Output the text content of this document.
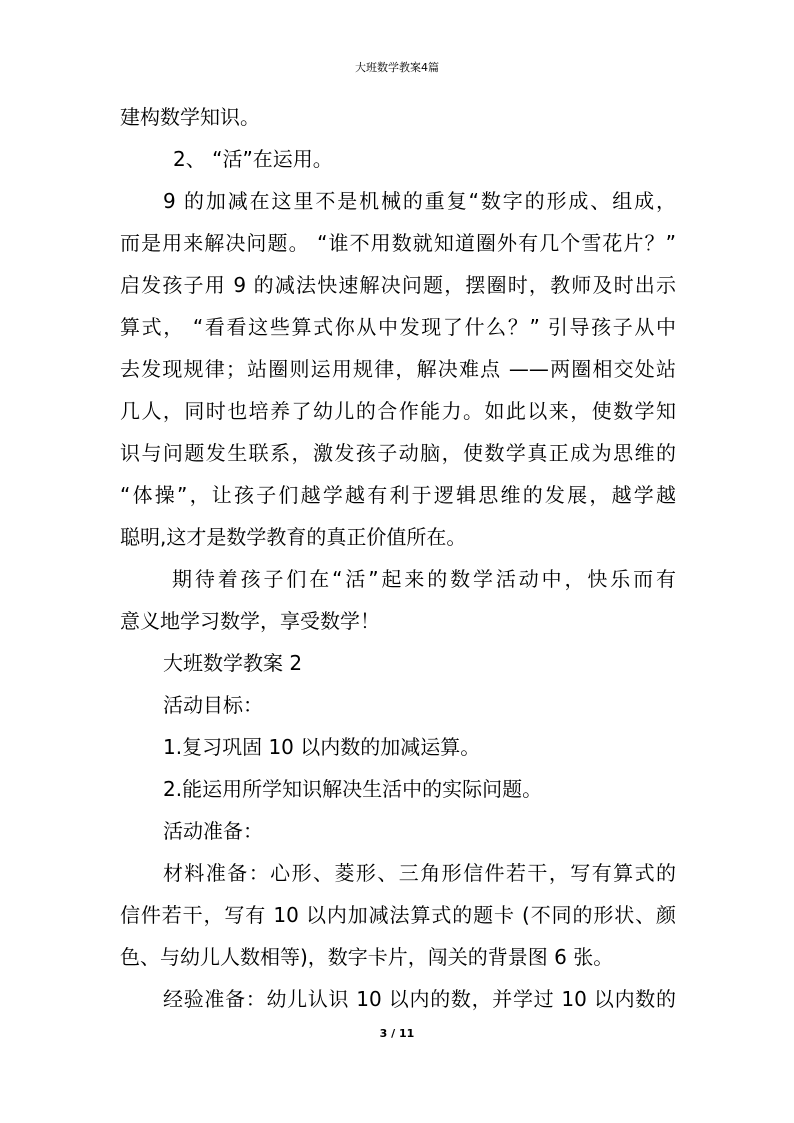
大班数学教案4篇
建构数学知识。
2、 “活”在运用。
9 的加减在这里不是机械的重复“数字的形成、组成，
而是用来解决问题。 “谁不用数就知道圈外有几个雪花片？”
启发孩子用 9 的减法快速解决问题，摆圈时，教师及时出示
算式， “看看这些算式你从中发现了什么？” 引导孩子从中
去发现规律；站圈则运用规律，解决难点 ——两圈相交处站
几人，同时也培养了幼儿的合作能力。如此以来，使数学知
识与问题发生联系，激发孩子动脑，使数学真正成为思维的
“体操”，让孩子们越学越有利于逻辑思维的发展，越学越
聪明,这才是数学教育的真正价值所在。
期待着孩子们在“活”起来的数学活动中，快乐而有
意义地学习数学，享受数学！
大班数学教案 2
活动目标：
1.复习巩固 10 以内数的加减运算。
2.能运用所学知识解决生活中的实际问题。
活动准备：
材料准备：心形、菱形、三角形信件若干，写有算式的
信件若干，写有 10 以内加减法算式的题卡 (不同的形状、颜
色、与幼儿人数相等)，数字卡片，闯关的背景图 6 张。
经验准备：幼儿认识 10 以内的数，并学过 10 以内数的
3 / 11
